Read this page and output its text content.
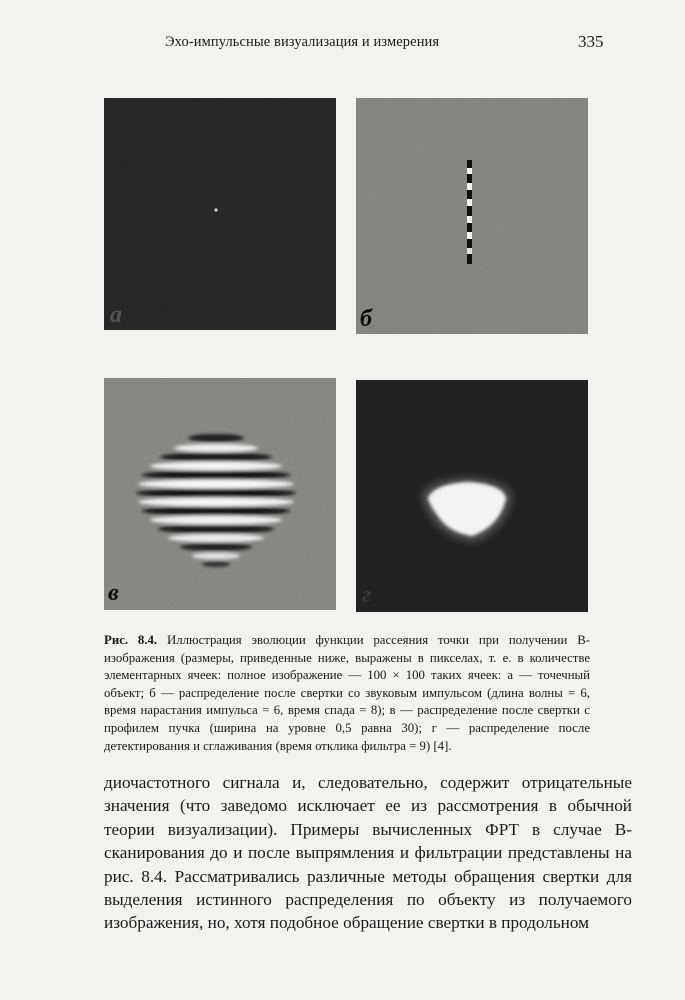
Эхо-импульсные визуализация и измерения	335
a	б
в	г
Рис. 8.4. Иллюстрация эволюции функции рассеяния точки при получении В-изображения (размеры, приведенные ниже, выражены в пикселах, т. е. в количестве элементарных ячеек: полное изображение — 100 × 100 таких ячеек: а — точечный объект; б — распределение после свертки со звуковым импульсом (длина волны = 6, время нарастания импульса = 6, время спада = 8); в — распределение после свертки с профилем пучка (ширина на уровне 0,5 равна 30); г — распределение после детектирования и сглаживания (время отклика фильтра = 9) [4].
диочастотного сигнала и, следовательно, содержит отрицательные значения (что заведомо исключает ее из рассмотрения в обычной теории визуализации). Примеры вычисленных ФРТ в случае В-сканирования до и после выпрямления и фильтрации представлены на рис. 8.4. Рассматривались различные методы обращения свертки для выделения истинного распределения по объекту из получаемого изображения, но, хотя подобное обращение свертки в продольном
